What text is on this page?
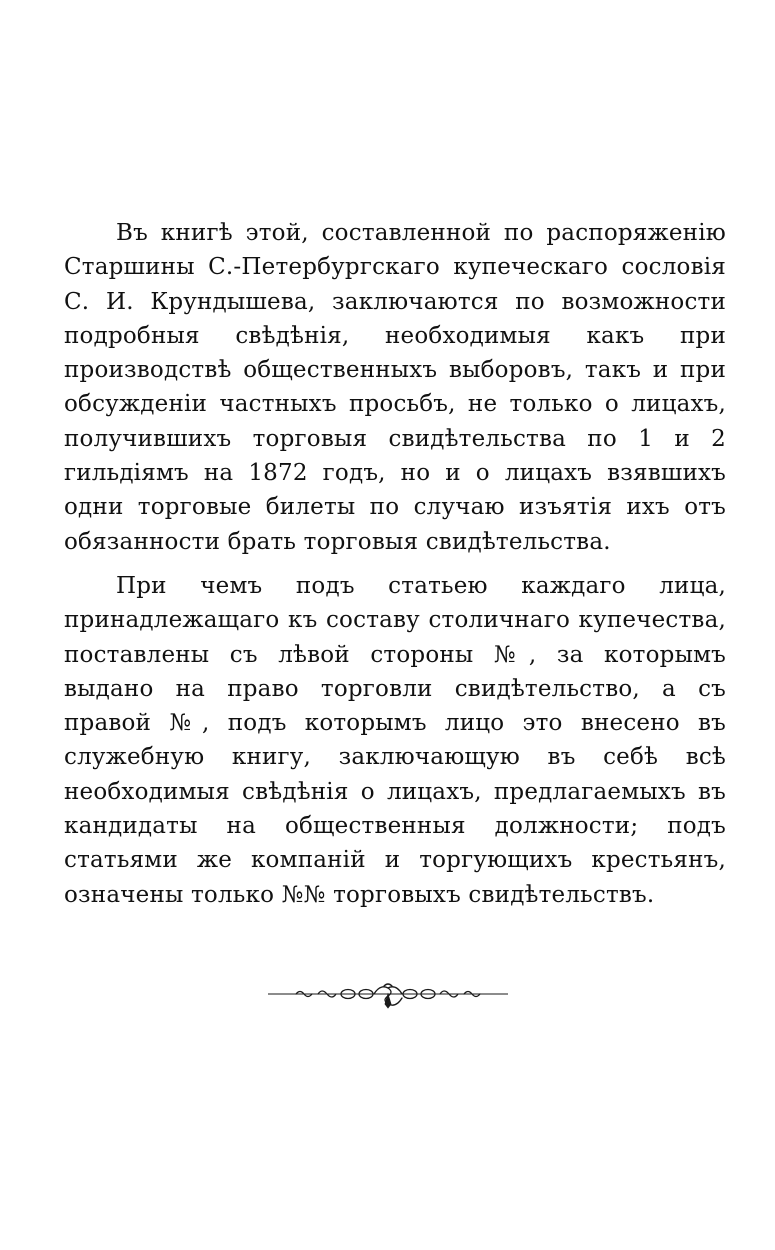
Въ книгѣ этой, составленной по распоряженію Старшины С.-Петербургскаго купеческаго сословія С. И. Крундышева, заключаются по возможности подробныя свѣдѣнія, необходимыя какъ при производствѣ общественныхъ выборовъ, такъ и при обсужденіи частныхъ просьбъ, не только о лицахъ, получившихъ торговыя свидѣтельства по 1 и 2 гильдіямъ на 1872 годъ, но и о лицахъ взявшихъ одни торговые билеты по случаю изъятія ихъ отъ обязанности брать торговыя свидѣтельства.

При чемъ подъ статьею каждаго лица, принадлежащаго къ составу столичнаго купечества, поставлены съ лѣвой стороны №, за которымъ выдано на право торговли свидѣтельство, а съ правой №, подъ которымъ лицо это внесено въ служебную книгу, заключающую въ себѣ всѣ необходимыя свѣдѣнія о лицахъ, предлагаемыхъ въ кандидаты на общественныя должности; подъ статьями же компаній и торгующихъ крестьянъ, означены только №№ торговыхъ свидѣтельствъ.
